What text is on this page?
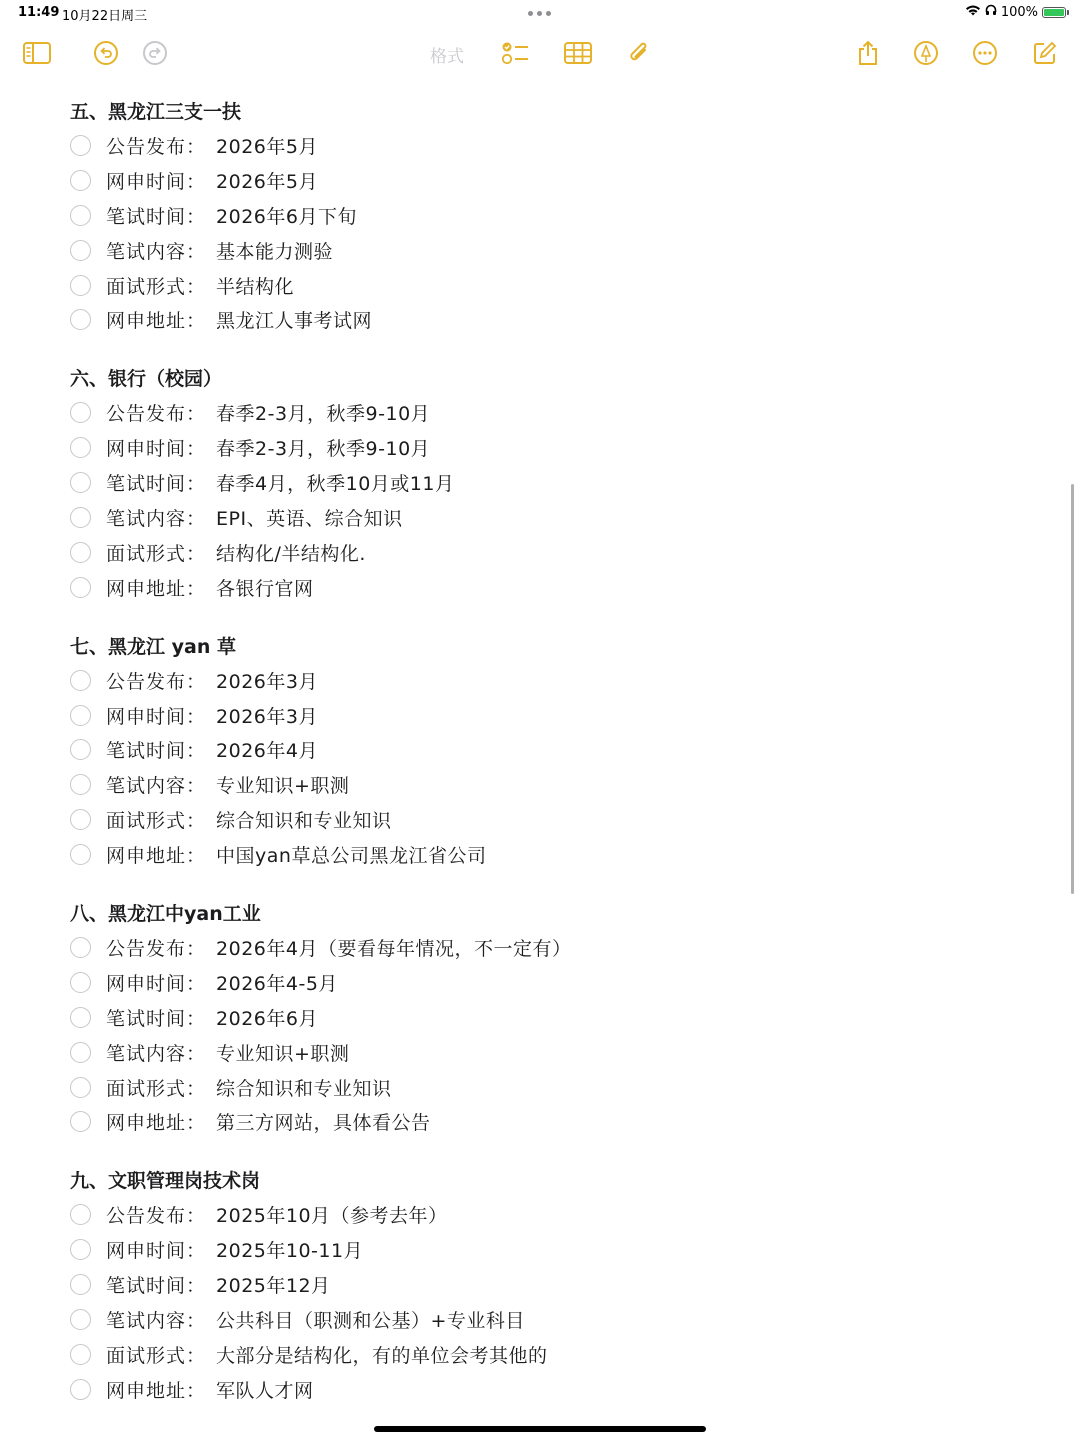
11:49 10月22日周三	100%
格式
五、黑龙江三支一扶
公告发布： 2026年5月
网申时间： 2026年5月
笔试时间： 2026年6月下旬
笔试内容： 基本能力测验
面试形式： 半结构化
网申地址： 黑龙江人事考试网
六、银行（校园）
公告发布： 春季2-3月，秋季9-10月
网申时间： 春季2-3月，秋季9-10月
笔试时间： 春季4月，秋季10月或11月
笔试内容： EPI、英语、综合知识
面试形式： 结构化/半结构化.
网申地址： 各银行官网
七、黑龙江 yan 草
公告发布： 2026年3月
网申时间： 2026年3月
笔试时间： 2026年4月
笔试内容： 专业知识+职测
面试形式： 综合知识和专业知识
网申地址： 中国yan草总公司黑龙江省公司
八、黑龙江中yan工业
公告发布： 2026年4月（要看每年情况，不一定有）
网申时间： 2026年4-5月
笔试时间： 2026年6月
笔试内容： 专业知识+职测
面试形式： 综合知识和专业知识
网申地址： 第三方网站，具体看公告
九、文职管理岗技术岗
公告发布： 2025年10月（参考去年）
网申时间： 2025年10-11月
笔试时间： 2025年12月
笔试内容： 公共科目（职测和公基）+专业科目
面试形式： 大部分是结构化，有的单位会考其他的
网申地址： 军队人才网
